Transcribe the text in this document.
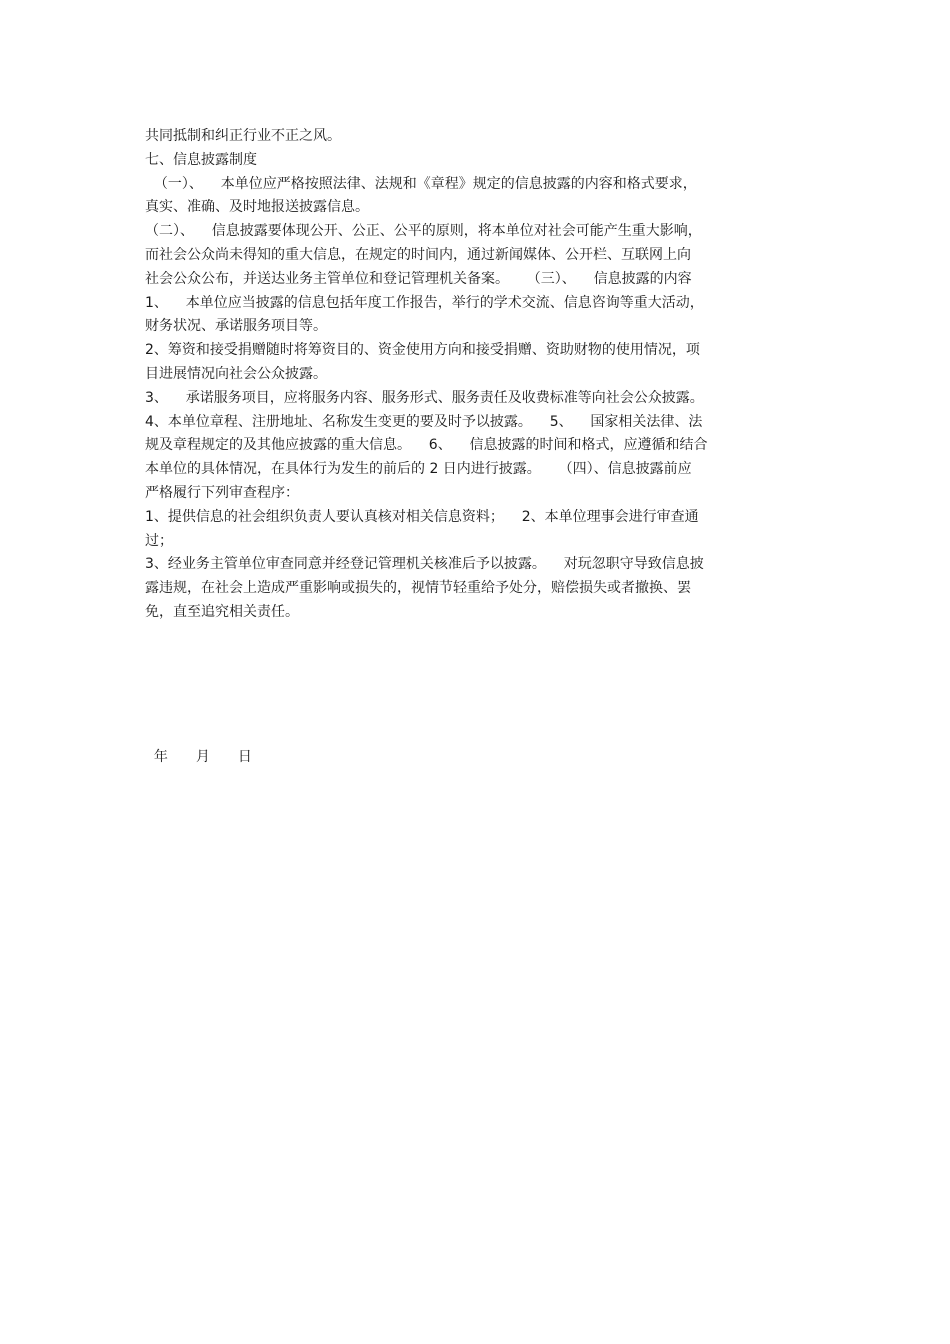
共同抵制和纠正行业不正之风。
七、信息披露制度
（一）、    本单位应严格按照法律、法规和《章程》规定的信息披露的内容和格式要求，
真实、准确、及时地报送披露信息。
（二）、    信息披露要体现公开、公正、公平的原则，将本单位对社会可能产生重大影响，
而社会公众尚未得知的重大信息，在规定的时间内，通过新闻媒体、公开栏、互联网上向
社会公众公布，并送达业务主管单位和登记管理机关备案。    （三）、    信息披露的内容
1、    本单位应当披露的信息包括年度工作报告，举行的学术交流、信息咨询等重大活动，
财务状况、承诺服务项目等。
2、筹资和接受捐赠随时将筹资目的、资金使用方向和接受捐赠、资助财物的使用情况，项
目进展情况向社会公众披露。
3、    承诺服务项目，应将服务内容、服务形式、服务责任及收费标准等向社会公众披露。
4、本单位章程、注册地址、名称发生变更的要及时予以披露。    5、    国家相关法律、法
规及章程规定的及其他应披露的重大信息。    6、    信息披露的时间和格式，应遵循和结合
本单位的具体情况，在具体行为发生的前后的 2 日内进行披露。    （四）、信息披露前应
严格履行下列审查程序：
1、提供信息的社会组织负责人要认真核对相关信息资料；    2、本单位理事会进行审查通
过；
3、经业务主管单位审查同意并经登记管理机关核准后予以披露。    对玩忽职守导致信息披
露违规，在社会上造成严重影响或损失的，视情节轻重给予处分，赔偿损失或者撤换、罢
免，直至追究相关责任。

年 月 日
